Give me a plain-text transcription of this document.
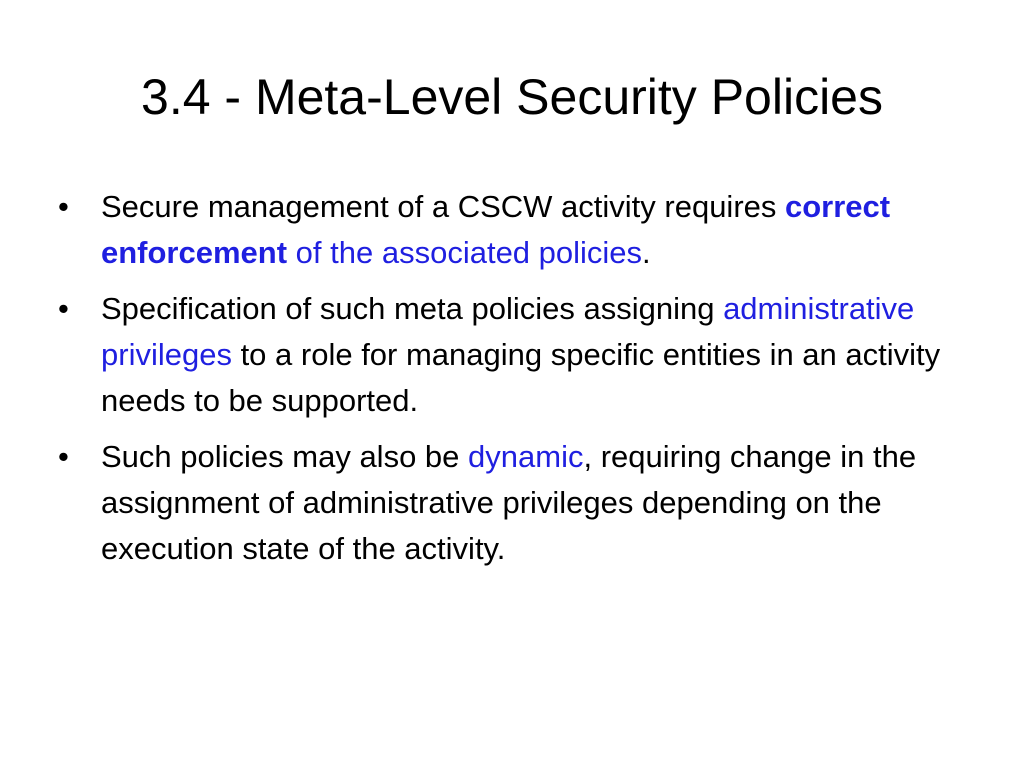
3.4 - Meta-Level Security Policies
• Secure management of a CSCW activity requires correct enforcement of the associated policies.
• Specification of such meta policies assigning administrative privileges to a role for managing specific entities in an activity needs to be supported.
• Such policies may also be dynamic, requiring change in the assignment of administrative privileges depending on the execution state of the activity.
